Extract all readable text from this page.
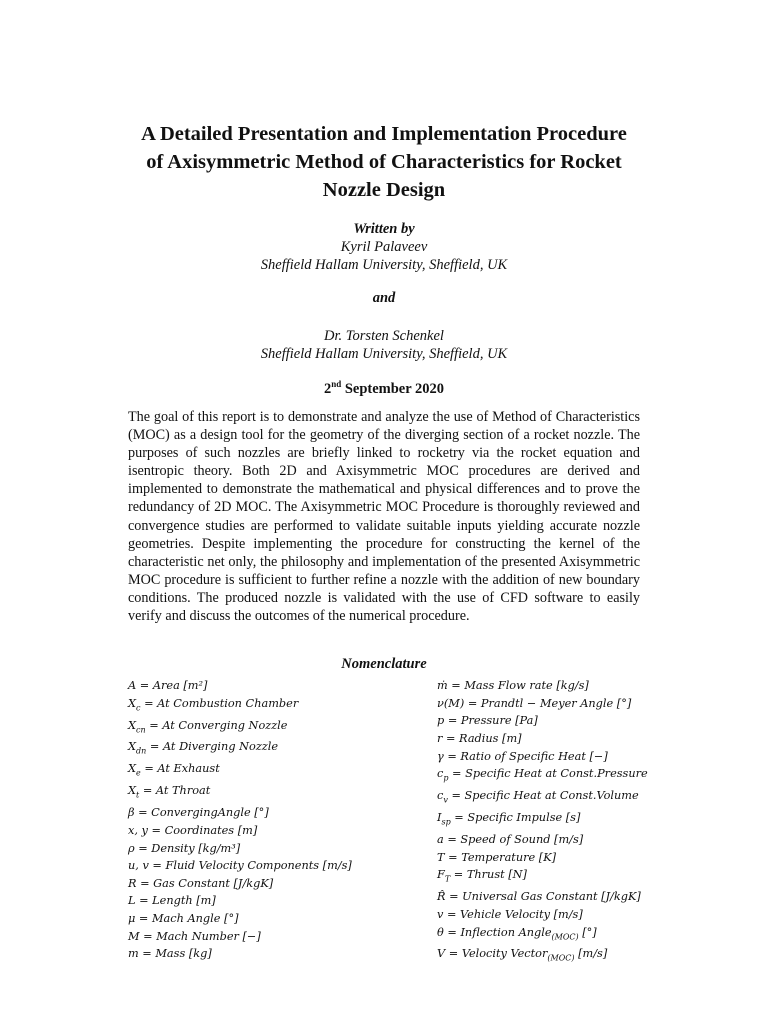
A Detailed Presentation and Implementation Procedure
of Axisymmetric Method of Characteristics for Rocket
Nozzle Design
Written by
Kyril Palaveev
Sheffield Hallam University, Sheffield, UK
and
Dr. Torsten Schenkel
Sheffield Hallam University, Sheffield, UK
2nd September 2020
The goal of this report is to demonstrate and analyze the use of Method of Characteristics (MOC) as a design tool for the geometry of the diverging section of a rocket nozzle. The purposes of such nozzles are briefly linked to rocketry via the rocket equation and isentropic theory. Both 2D and Axisymmetric MOC procedures are derived and implemented to demonstrate the mathematical and physical differences and to prove the redundancy of 2D MOC. The Axisymmetric MOC Procedure is thoroughly reviewed and convergence studies are performed to validate suitable inputs yielding accurate nozzle geometries. Despite implementing the procedure for constructing the kernel of the characteristic net only, the philosophy and implementation of the presented Axisymmetric MOC procedure is sufficient to further refine a nozzle with the addition of new boundary conditions. The produced nozzle is validated with the use of CFD software to easily verify and discuss the outcomes of the numerical procedure.
Nomenclature
A = Area [m²]
$X_c = At$ Combustion Chamber
$X_{cn} = At$ Converging Nozzle
$X_{dn} = At$ Diverging Nozzle
$X_e = At$ Exhaust
$X_t = At$ Throat
β = ConvergingAngle [°]
x, y = Coordinates [m]
ρ = Density [kg/m³]
u, v = Fluid Velocity Components [m/s]
R = Gas Constant [J/kgK]
L = Length [m]
μ = Mach Angle [°]
M = Mach Number [−]
m = Mass [kg]
ṁ = Mass Flow rate [kg/s]
ν(M) = Prandtl − Meyer Angle [°]
p = Pressure [Pa]
r = Radius [m]
γ = Ratio of Specific Heat [−]
$c_p$ = Specific Heat at Const.Pressure
$c_v$ = Specific Heat at Const.Volume
$I_{sp}$ = Specific Impulse [s]
a = Speed of Sound [m/s]
T = Temperature [K]
$F_T$ = Thrust [N]
R̂ = Universal Gas Constant [J/kgK]
v = Vehicle Velocity [m/s]
θ = Inflection Angle$_{(MOC)}$ [°]
V = Velocity Vector$_{(MOC)}$ [m/s]
